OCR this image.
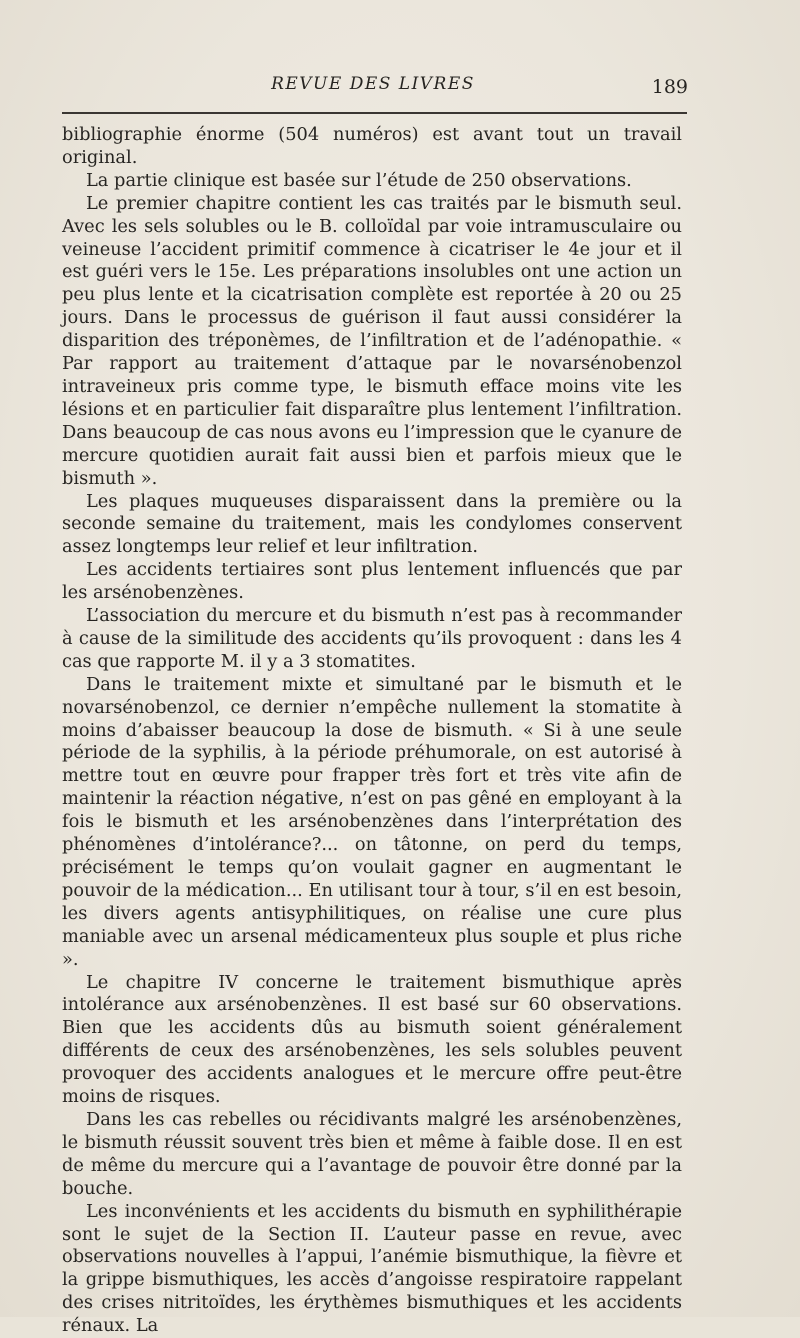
REVUE DES LIVRES	189

bibliographie énorme (504 numéros) est avant tout un travail original.

La partie clinique est basée sur l’étude de 250 observations.

Le premier chapitre contient les cas traités par le bismuth seul. Avec les sels solubles ou le B. colloïdal par voie intramusculaire ou veineuse l’accident primitif commence à cicatriser le 4e jour et il est guéri vers le 15e. Les préparations insolubles ont une action un peu plus lente et la cicatrisation complète est reportée à 20 ou 25 jours. Dans le processus de guérison il faut aussi considérer la disparition des tréponèmes, de l’infiltration et de l’adénopathie. « Par rapport au traitement d’attaque par le novarsénobenzol intraveineux pris comme type, le bismuth efface moins vite les lésions et en particulier fait disparaître plus lentement l’infiltration. Dans beaucoup de cas nous avons eu l’impression que le cyanure de mercure quotidien aurait fait aussi bien et parfois mieux que le bismuth ».

Les plaques muqueuses disparaissent dans la première ou la seconde semaine du traitement, mais les condylomes conservent assez longtemps leur relief et leur infiltration.

Les accidents tertiaires sont plus lentement influencés que par les arsénobenzènes.

L’association du mercure et du bismuth n’est pas à recommander à cause de la similitude des accidents qu’ils provoquent : dans les 4 cas que rapporte M. il y a 3 stomatites.

Dans le traitement mixte et simultané par le bismuth et le novarsénobenzol, ce dernier n’empêche nullement la stomatite à moins d’abaisser beaucoup la dose de bismuth. « Si à une seule période de la syphilis, à la période préhumorale, on est autorisé à mettre tout en œuvre pour frapper très fort et très vite afin de maintenir la réaction négative, n’est on pas gêné en employant à la fois le bismuth et les arsénobenzènes dans l’interprétation des phénomènes d’intolérance?... on tâtonne, on perd du temps, précisément le temps qu’on voulait gagner en augmentant le pouvoir de la médication... En utilisant tour à tour, s’il en est besoin, les divers agents antisyphilitiques, on réalise une cure plus maniable avec un arsenal médicamenteux plus souple et plus riche ».

Le chapitre IV concerne le traitement bismuthique après intolérance aux arsénobenzènes. Il est basé sur 60 observations. Bien que les accidents dûs au bismuth soient généralement différents de ceux des arsénobenzènes, les sels solubles peuvent provoquer des accidents analogues et le mercure offre peut-être moins de risques.

Dans les cas rebelles ou récidivants malgré les arsénobenzènes, le bismuth réussit souvent très bien et même à faible dose. Il en est de même du mercure qui a l’avantage de pouvoir être donné par la bouche.

Les inconvénients et les accidents du bismuth en syphilithérapie sont le sujet de la Section II. L’auteur passe en revue, avec observations nouvelles à l’appui, l’anémie bismuthique, la fièvre et la grippe bismuthiques, les accès d’angoisse respiratoire rappelant des crises nitritoïdes, les érythèmes bismuthiques et les accidents rénaux. La
